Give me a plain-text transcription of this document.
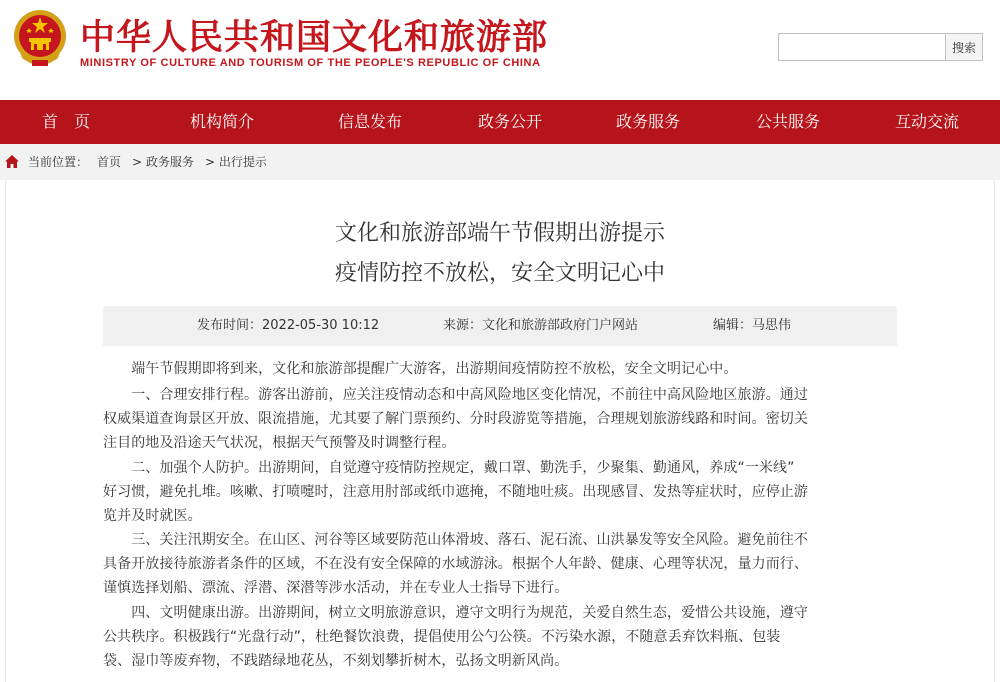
中华人民共和国文化和旅游部
MINISTRY OF CULTURE AND TOURISM OF THE PEOPLE'S REPUBLIC OF CHINA
搜索
首　页	机构简介	信息发布	政务公开	政务服务	公共服务	互动交流
当前位置： 首页 > 政务服务 > 出行提示
文化和旅游部端午节假期出游提示
疫情防控不放松，安全文明记心中
发布时间：2022-05-30 10:12	来源：文化和旅游部政府门户网站	编辑：马思伟
　　端午节假期即将到来，文化和旅游部提醒广大游客，出游期间疫情防控不放松，安全文明记心中。
　　一、合理安排行程。游客出游前，应关注疫情动态和中高风险地区变化情况，不前往中高风险地区旅游。通过
权威渠道查询景区开放、限流措施，尤其要了解门票预约、分时段游览等措施，合理规划旅游线路和时间。密切关
注目的地及沿途天气状况，根据天气预警及时调整行程。
　　二、加强个人防护。出游期间，自觉遵守疫情防控规定，戴口罩、勤洗手，少聚集、勤通风，养成“一米线”
好习惯，避免扎堆。咳嗽、打喷嚏时，注意用肘部或纸巾遮掩，不随地吐痰。出现感冒、发热等症状时，应停止游
览并及时就医。
　　三、关注汛期安全。在山区、河谷等区域要防范山体滑坡、落石、泥石流、山洪暴发等安全风险。避免前往不
具备开放接待旅游者条件的区域，不在没有安全保障的水域游泳。根据个人年龄、健康、心理等状况，量力而行、
谨慎选择划船、漂流、浮潜、深潜等涉水活动，并在专业人士指导下进行。
　　四、文明健康出游。出游期间，树立文明旅游意识，遵守文明行为规范，关爱自然生态，爱惜公共设施，遵守
公共秩序。积极践行“光盘行动”，杜绝餐饮浪费，提倡使用公勺公筷。不污染水源，不随意丢弃饮料瓶、包装
袋、湿巾等废弃物，不践踏绿地花丛，不刻划攀折树木，弘扬文明新风尚。
